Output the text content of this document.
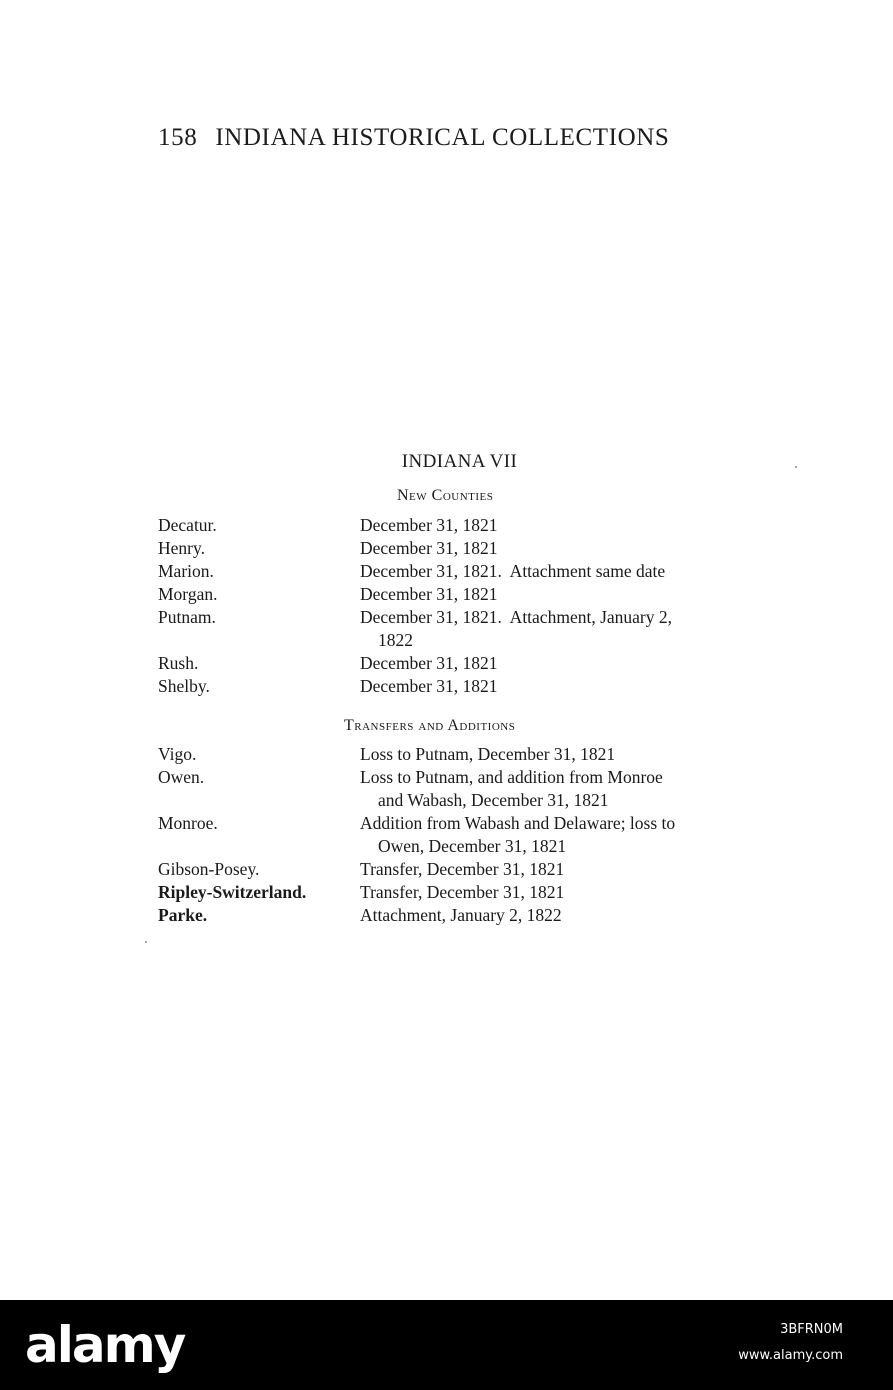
158 INDIANA HISTORICAL COLLECTIONS
INDIANA VII
New Counties
Decatur.	December 31, 1821
Henry.	December 31, 1821
Marion.	December 31, 1821.  Attachment same date
Morgan.	December 31, 1821
Putnam.	December 31, 1821.  Attachment, January 2,
1822
Rush.	December 31, 1821
Shelby.	December 31, 1821
Transfers and Additions
Vigo.	Loss to Putnam, December 31, 1821
Owen.	Loss to Putnam, and addition from Monroe
and Wabash, December 31, 1821
Monroe.	Addition from Wabash and Delaware; loss to
Owen, December 31, 1821
Gibson-Posey.	Transfer, December 31, 1821
Ripley-Switzerland.	Transfer, December 31, 1821
Parke.	Attachment, January 2, 1822
alamy	3BFRN0M
www.alamy.com
